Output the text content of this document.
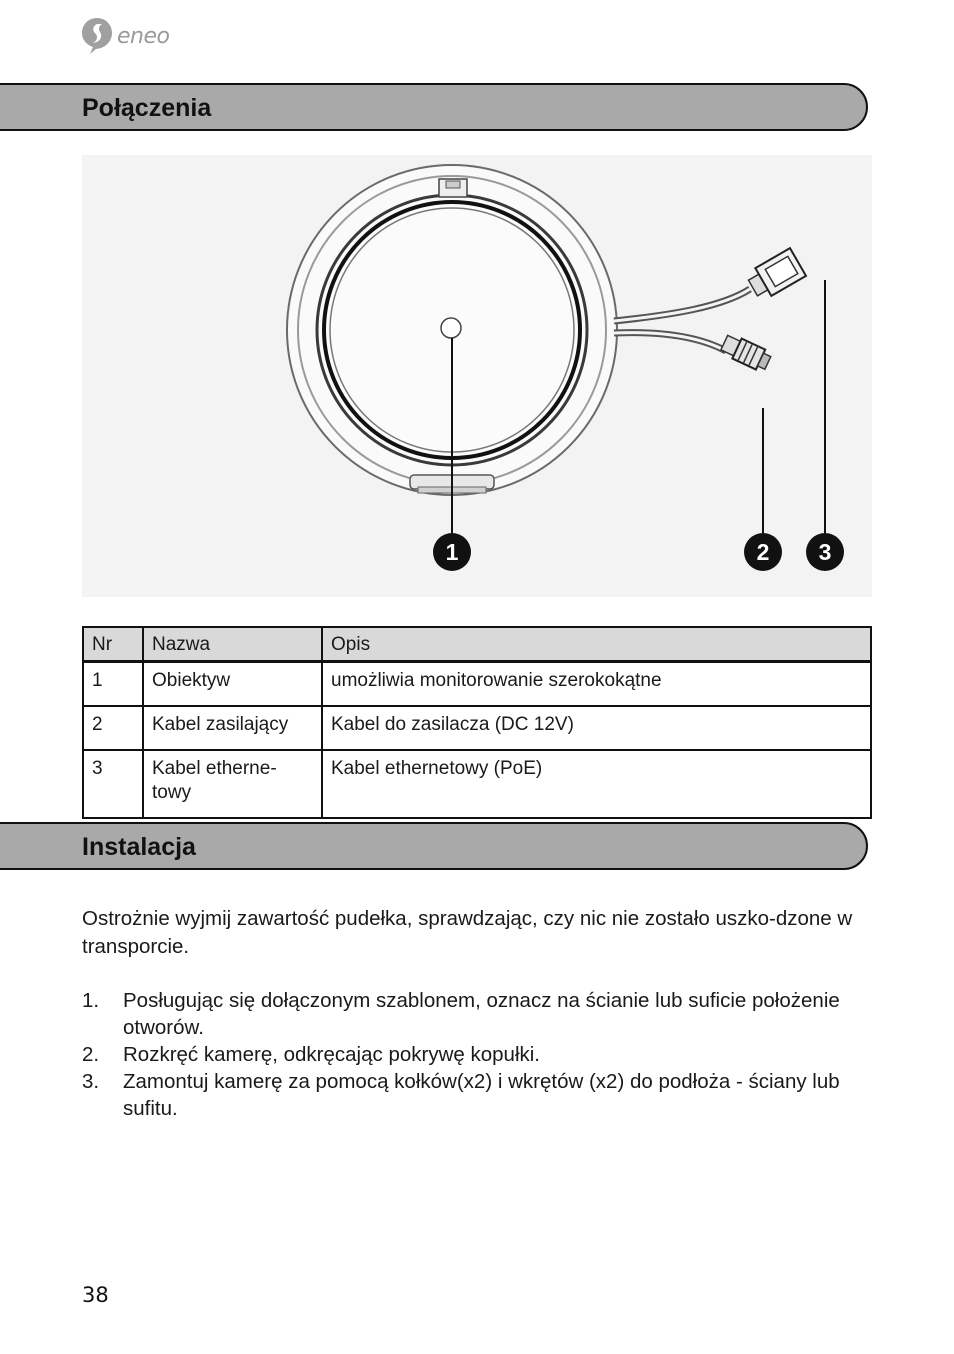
eneo
Połączenia
1	2 3
Nr	Nazwa	Opis
1	Obiektyw	umożliwia monitorowanie szerokokątne
2	Kabel zasilający	Kabel do zasilacza (DC 12V)
3	Kabel etherne-towy	Kabel ethernetowy (PoE)
Instalacja

Ostrożnie wyjmij zawartość pudełka, sprawdzając, czy nic nie zostało uszko-dzone w transporcie.

1.	Posługując się dołączonym szablonem, oznacz na ścianie lub suficie położenie otworów.
2.	Rozkręć kamerę, odkręcając pokrywę kopułki.
3.	Zamontuj kamerę za pomocą kołków(x2) i wkrętów (x2) do podłoża - ściany lub sufitu.
38
